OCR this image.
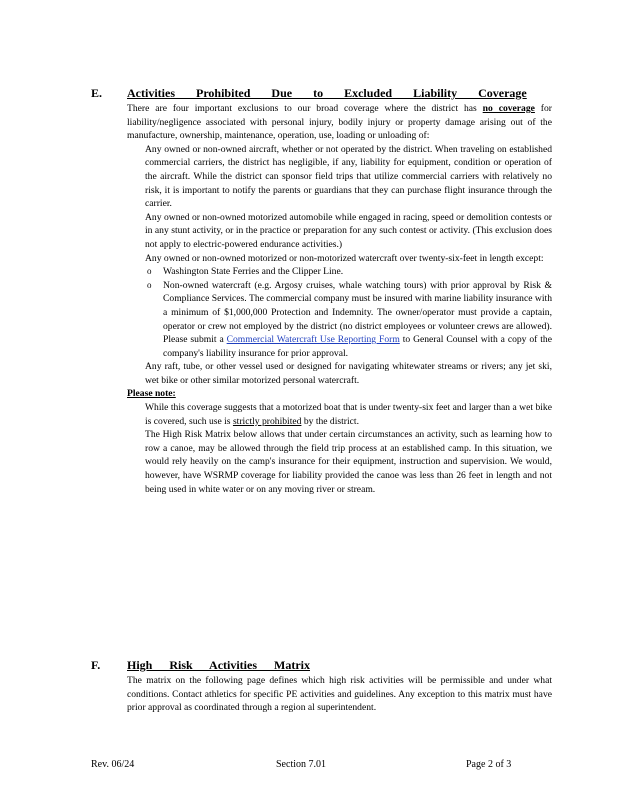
E. Activities Prohibited Due to Excluded Liability Coverage

There are four important exclusions to our broad coverage where the district has no coverage for liability/negligence associated with personal injury, bodily injury or property damage arising out of the manufacture, ownership, maintenance, operation, use, loading or unloading of:

Any owned or non-owned aircraft, whether or not operated by the district. When traveling on established commercial carriers, the district has negligible, if any, liability for equipment, condition or operation of the aircraft. While the district can sponsor field trips that utilize commercial carriers with relatively no risk, it is important to notify the parents or guardians that they can purchase flight insurance through the carrier.
Any owned or non-owned motorized automobile while engaged in racing, speed or demolition contests or in any stunt activity, or in the practice or preparation for any such contest or activity. (This exclusion does not apply to electric-powered endurance activities.)
Any owned or non-owned motorized or non-motorized watercraft over twenty-six-feet in length except:
o Washington State Ferries and the Clipper Line.
o Non-owned watercraft (e.g. Argosy cruises, whale watching tours) with prior approval by Risk & Compliance Services. The commercial company must be insured with marine liability insurance with a minimum of $1,000,000 Protection and Indemnity. The owner/operator must provide a captain, operator or crew not employed by the district (no district employees or volunteer crews are allowed). Please submit a Commercial Watercraft Use Reporting Form to General Counsel with a copy of the company's liability insurance for prior approval.
Any raft, tube, or other vessel used or designed for navigating whitewater streams or rivers; any jet ski, wet bike or other similar motorized personal watercraft.

Please note:

While this coverage suggests that a motorized boat that is under twenty-six feet and larger than a wet bike is covered, such use is strictly prohibited by the district.
The High Risk Matrix below allows that under certain circumstances an activity, such as learning how to row a canoe, may be allowed through the field trip process at an established camp. In this situation, we would rely heavily on the camp's insurance for their equipment, instruction and supervision. We would, however, have WSRMP coverage for liability provided the canoe was less than 26 feet in length and not being used in white water or on any moving river or stream.
F. High Risk Activities Matrix

The matrix on the following page defines which high risk activities will be permissible and under what conditions. Contact athletics for specific PE activities and guidelines. Any exception to this matrix must have prior approval as coordinated through a region al superintendent.

Rev. 06/24	Section 7.01	Page 2 of 3
